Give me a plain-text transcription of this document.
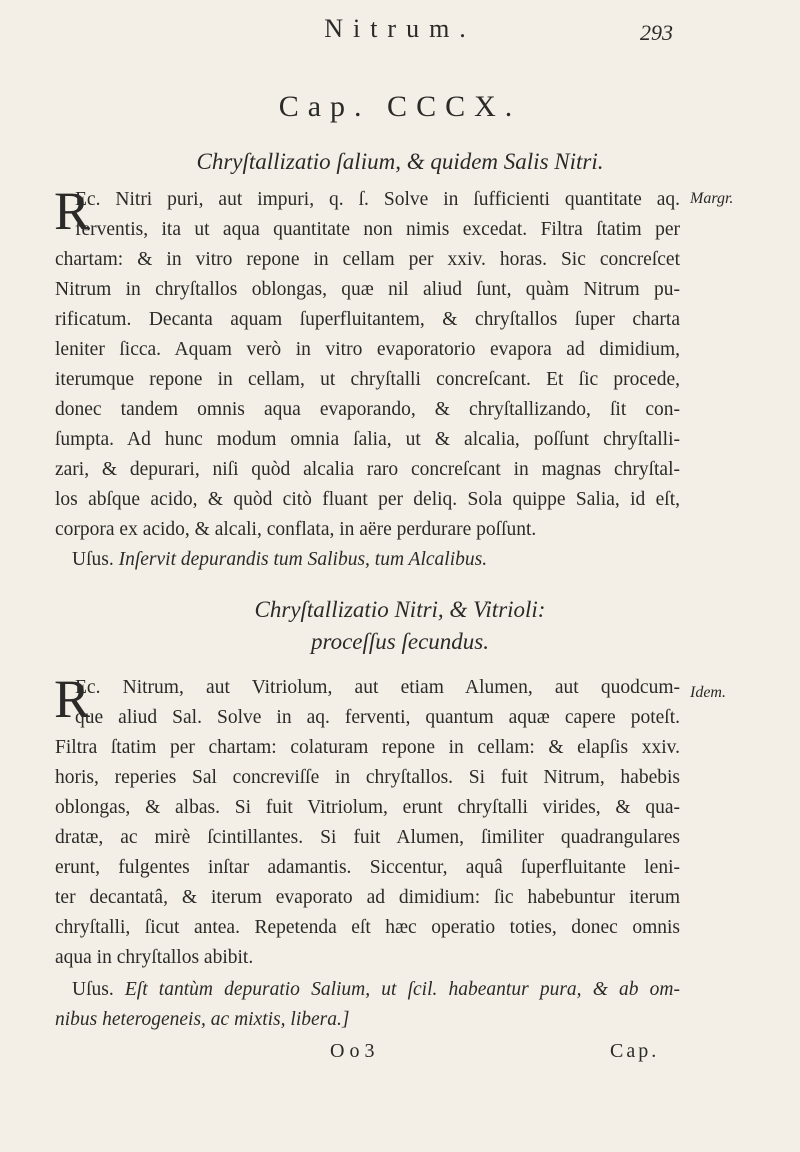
Nitrum.	293
Cap. CCCX.
Chryſtallizatio ſalium, & quidem Salis Nitri.
Margr.
R
Ec. Nitri puri, aut impuri, q. ſ. Solve in ſufficienti quantitate aq.
ferventis, ita ut aqua quantitate non nimis excedat. Filtra ſtatim per
chartam: & in vitro repone in cellam per xxiv. horas. Sic concreſcet
Nitrum in chryſtallos oblongas, quæ nil aliud ſunt, quàm Nitrum pu-
rificatum. Decanta aquam ſuperfluitantem, & chryſtallos ſuper charta
leniter ſicca. Aquam verò in vitro evaporatorio evapora ad dimidium,
iterumque repone in cellam, ut chryſtalli concreſcant. Et ſic procede,
donec tandem omnis aqua evaporando, & chryſtallizando, ſit con-
ſumpta. Ad hunc modum omnia ſalia, ut & alcalia, poſſunt chryſtalli-
zari, & depurari, niſi quòd alcalia raro concreſcant in magnas chryſtal-
los abſque acido, & quòd citò fluant per deliq. Sola quippe Salia, id eſt,
corpora ex acido, & alcali, conflata, in aëre perdurare poſſunt.
Uſus. Inſervit depurandis tum Salibus, tum Alcalibus.
Chryſtallizatio Nitri, & Vitrioli:
proceſſus ſecundus.
Idem.
R
Ec. Nitrum, aut Vitriolum, aut etiam Alumen, aut quodcum-
que aliud Sal. Solve in aq. ferventi, quantum aquæ capere poteſt.
Filtra ſtatim per chartam: colaturam repone in cellam: & elapſis xxiv.
horis, reperies Sal concreviſſe in chryſtallos. Si fuit Nitrum, habebis
oblongas, & albas. Si fuit Vitriolum, erunt chryſtalli virides, & qua-
dratæ, ac mirè ſcintillantes. Si fuit Alumen, ſimiliter quadrangulares
erunt, fulgentes inſtar adamantis. Siccentur, aquâ ſuperfluitante leni-
ter decantatâ, & iterum evaporato ad dimidium: ſic habebuntur iterum
chryſtalli, ſicut antea. Repetenda eſt hæc operatio toties, donec omnis
aqua in chryſtallos abibit.
Uſus. Eſt tantùm depuratio Salium, ut ſcil. habeantur pura, & ab om-
nibus heterogeneis, ac mixtis, libera.]
O o 3	Cap.
